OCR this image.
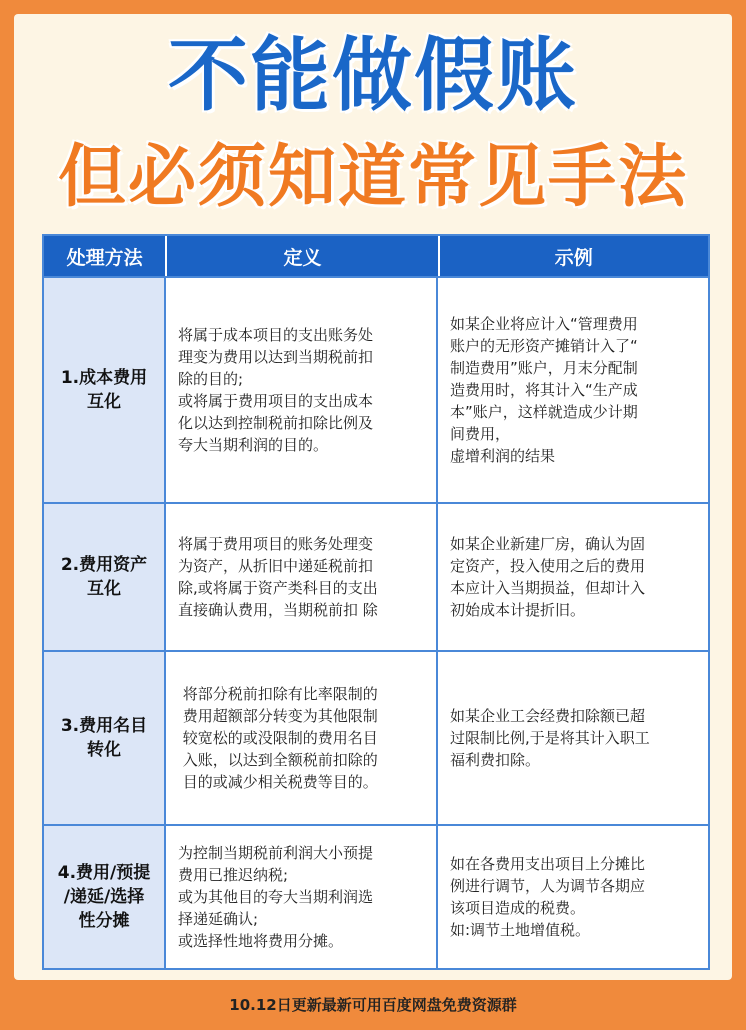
不能做假账
但必须知道常见手法
处理方法	定义	示例
1.成本费用
互化
将属于成本项目的支出账务处
理变为费用以达到当期税前扣
除的目的;
或将属于费用项目的支出成本
化以达到控制税前扣除比例及
夸大当期利润的目的。
如某企业将应计入“管理费用
账户的无形资产摊销计入了“
制造费用”账户，月末分配制
造费用时，将其计入“生产成
本”账户，这样就造成少计期
间费用，
虚增利润的结果
2.费用资产
互化
将属于费用项目的账务处理变
为资产，从折旧中递延税前扣
除,或将属于资产类科目的支出
直接确认费用，当期税前扣 除
如某企业新建厂房，确认为固
定资产，投入使用之后的费用
本应计入当期损益，但却计入
初始成本计提折旧。
3.费用名目
转化
将部分税前扣除有比率限制的
费用超额部分转变为其他限制
较宽松的或没限制的费用名目
入账，以达到全额税前扣除的
目的或减少相关税费等目的。
如某企业工会经费扣除额已超
过限制比例,于是将其计入职工
福利费扣除。
4.费用/预提
/递延/选择
性分摊
为控制当期税前利润大小预提
费用已推迟纳税;
或为其他目的夸大当期利润选
择递延确认;
或选择性地将费用分摊。
如在各费用支出项目上分摊比
例进行调节，人为调节各期应
该项目造成的税费。
如:调节土地增值税。
10.12日更新最新可用百度网盘免费资源群
